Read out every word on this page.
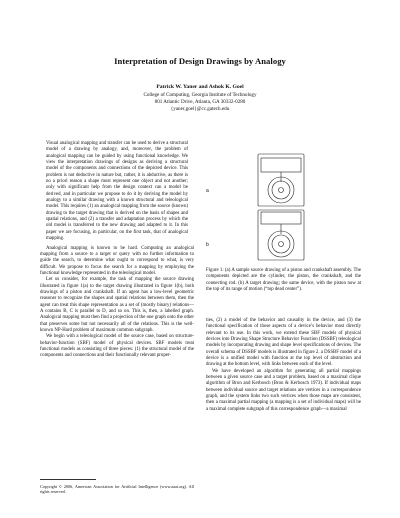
Interpretation of Design Drawings by Analogy
Patrick W. Yaner and Ashok K. Goel
College of Computing, Georgia Institute of Technology
801 Atlantic Drive, Atlanta, GA 30332-0280
{yaner,goel}@cc.gatech.edu

Visual analogical mapping and transfer can be used to derive a structural model of a drawing by analogy, and, moreover, the problem of analogical mapping can be guided by using functional knowledge. We view the interpretation drawings of designs as deriving a structural model of the components and connections of the depicted device. This problem is not deductive in nature but, rather, it is abductive, as there is no a priori reason a shape must represent one object and not another; only with significant help from the design context can a model be derived, and in particular we propose to do it by deriving the model by analogy to a similar drawing with a known structural and teleological model. This requires (1) an analogical mapping from the source (known) drawing to the target drawing that is derived on the basis of shapes and spatial relations, and (2) a transfer and adaptation process by which the old model is transferred to the new drawing and adapted to it. In this paper we are focusing, in particular, on the first task, that of analogical mapping.

Analogical mapping is known to be hard. Computing an analogical mapping from a source to a target or query with no further information to guide the search, to determine what ought to correspond to what, is very difficult. We propose to focus the search for a mapping by employing the functional knowledge represented in the teleological model.

Let us consider, for example, the task of mapping the source drawing illustrated in figure 1(a) to the target drawing illustrated in figure 1(b), both drawings of a piston and crankshaft. If an agent has a low-level geometric reasoner to recognize the shapes and spatial relations between them, then the agent can treat this shape representation as a set of (mostly binary) relations—A contains B, C is parallel to D, and so on. This is, then, a labelled graph. Analogical mapping must then find a projection of the one graph onto the other that preserves some but not necessarily all of the relations. This is the well-known NP-Hard problem of maximum common subgraph.

We begin with a teleological model of the source case, based on structure-behavior-function (SBF) model of physical devices. SBF models treat functional models as consisting of three pieces: (1) the structural model of the components and connections and their functionally relevant proper-

Copyright © 2006, American Association for Artificial Intelligence (www.aaai.org). All rights reserved.
a
b
Figure 1: (a) A sample source drawing of a piston and crankshaft assembly. The components depicted are the cylinder, the piston, the crankshaft, and the connecting rod. (b) A target drawing; the same device, with the piston now at the top of its range of motion (“top dead center”).

ties, (2) a model of the behavior and causality in the device, and (3) the functional specification of those aspects of a device’s behavior most directly relevant to its use. In this work, we extend these SBF models of physical devices into Drawing Shape Structure Behavior Function (DSSBF) teleological models by incorporating drawing and shape level specifications of devices. The overall schema of DSSBF models is illustrated in figure 2. a DSSBF model of a device is a unified model with function at the top level of abstraction and drawing at the bottom level, with links between each of the level.

We have developed an algorithm for generating all partial mappings between a given source case and a target problem, based on a maximal clique algorithm of Bron and Kerbosch (Bron & Kerbosch 1973). If individual maps between individual source and target relations are vertices in a correspondence graph, and the system links two such vertices when those maps are consistent, then a maximal partial mapping (a mapping is a set of individual maps) will be a maximal complete subgraph of this correspondence graph—a maximal
